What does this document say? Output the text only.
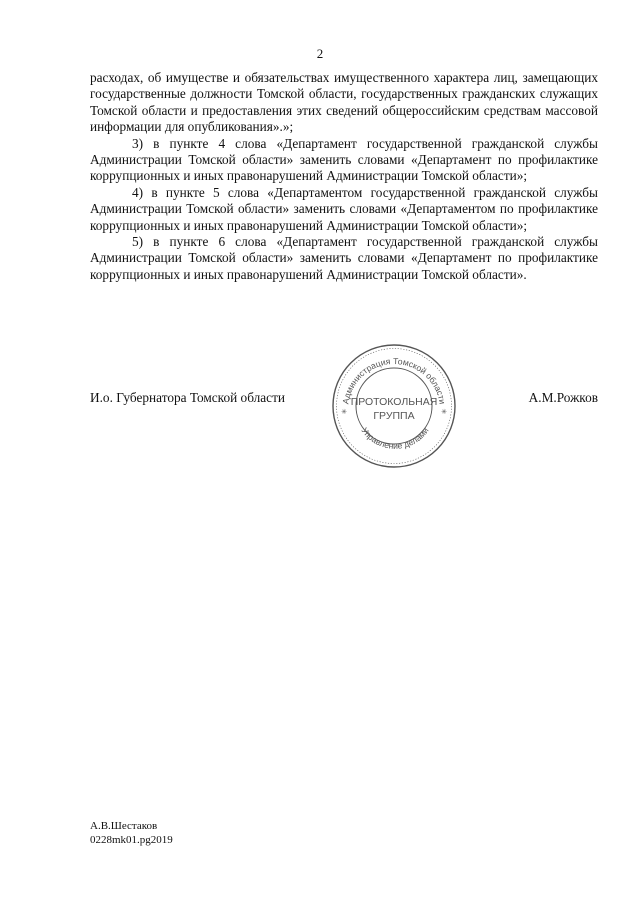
2

расходах, об имуществе и обязательствах имущественного характера лиц, замещающих государственные должности Томской области, государственных гражданских служащих Томской области и предоставления этих сведений общероссийским средствам массовой информации для опубликования».»;

3) в пункте 4 слова «Департамент государственной гражданской службы Администрации Томской области» заменить словами «Департамент по профилактике коррупционных и иных правонарушений Администрации Томской области»;

4) в пункте 5 слова «Департаментом государственной гражданской службы Администрации Томской области» заменить словами «Департаментом по профилактике коррупционных и иных правонарушений Администрации Томской области»;

5) в пункте 6 слова «Департамент государственной гражданской службы Администрации Томской области» заменить словами «Департамент по профилактике коррупционных и иных правонарушений Администрации Томской области».

И.о. Губернатора Томской области	А.М.Рожков
Администрация Томской области
Управление делами
ПРОТОКОЛЬНАЯ
ГРУППА
✳	✳
А.В.Шестаков
0228mk01.pg2019
